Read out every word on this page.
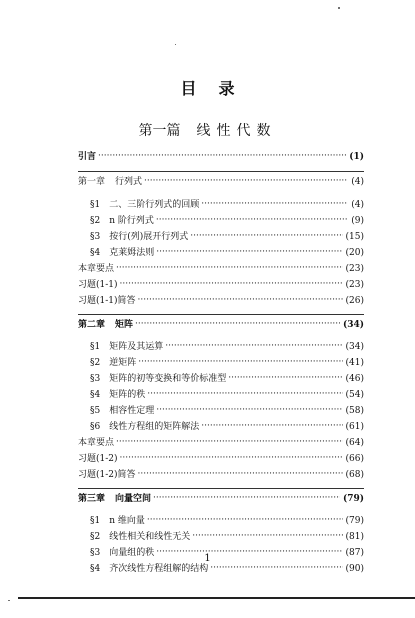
目录
第一篇 线性代数
引言 ·····	(1)
第一章 行列式 ·····	(4)
§1 二、三阶行列式的回顾 ·····	(4)
§2 n 阶行列式 ·····	(9)
§3 按行(列)展开行列式 ·····	(15)
§4 克莱姆法则 ·····	(20)
本章要点 ·····	(23)
习题(1-1) ·····	(23)
习题(1-1)简答 ·····	(26)
第二章 矩阵 ·····	(34)
§1 矩阵及其运算 ·····	(34)
§2 逆矩阵 ·····	(41)
§3 矩阵的初等变换和等价标准型 ·····	(46)
§4 矩阵的秩 ·····	(54)
§5 相容性定理 ·····	(58)
§6 线性方程组的矩阵解法 ·····	(61)
本章要点 ·····	(64)
习题(1-2) ·····	(66)
习题(1-2)简答 ·····	(68)
第三章 向量空间 ·····	(79)
§1 n 维向量 ·····	(79)
§2 线性相关和线性无关 ·····	(81)
§3 向量组的秩 ·····	(87)
§4 齐次线性方程组解的结构 ·····	(90)
1
